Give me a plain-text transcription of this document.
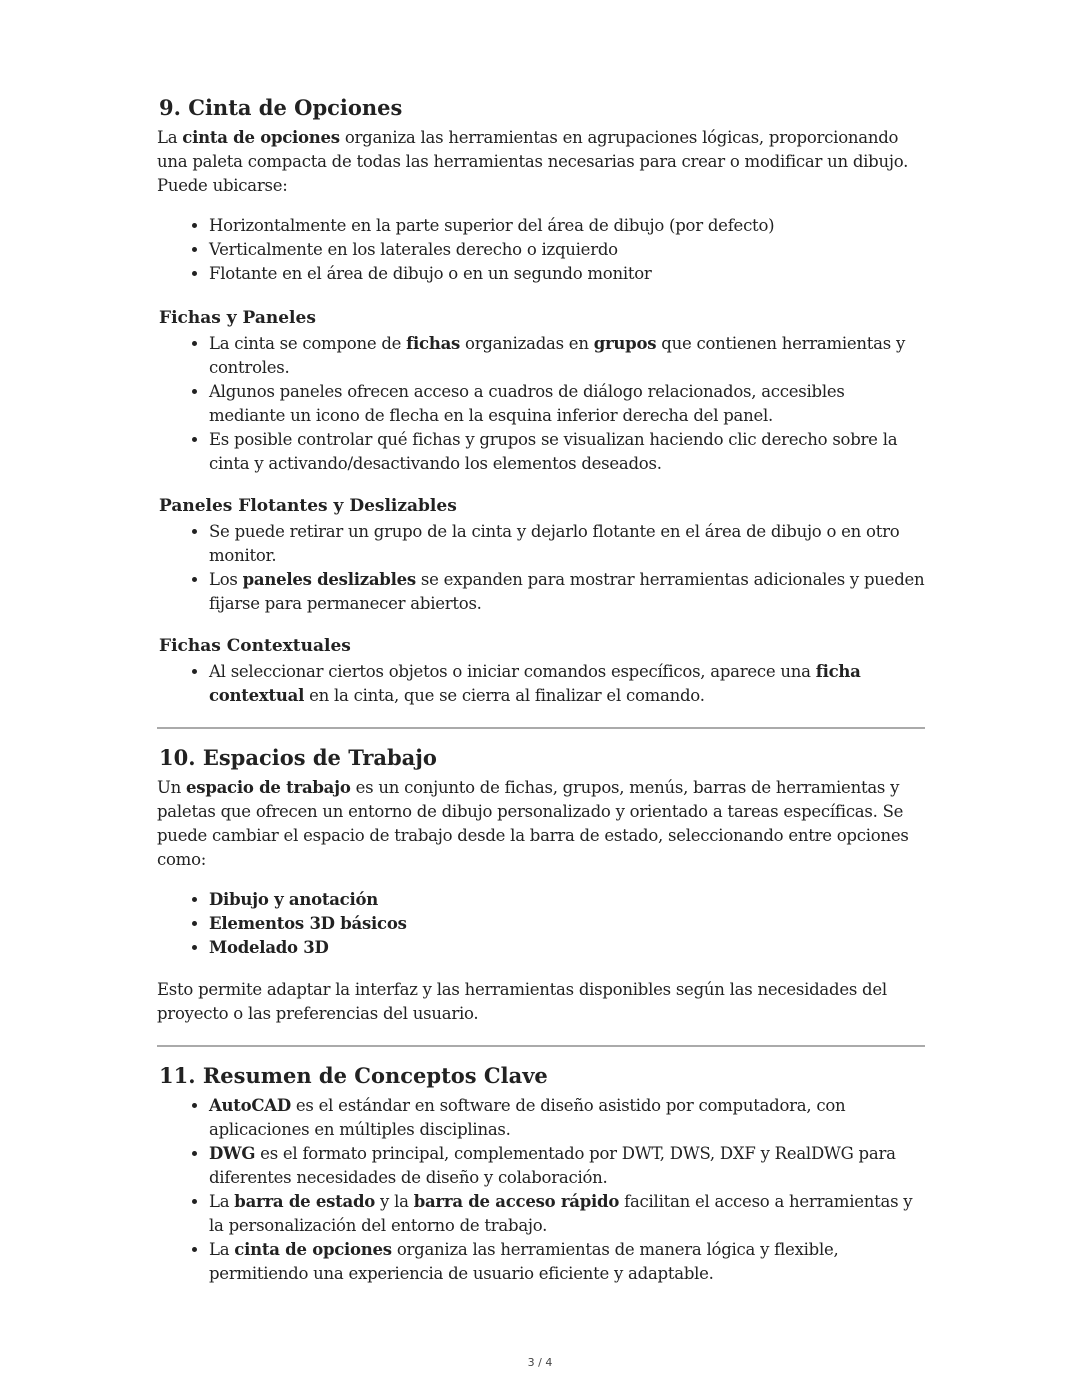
9. Cinta de Opciones

La cinta de opciones organiza las herramientas en agrupaciones lógicas, proporcionando una paleta compacta de todas las herramientas necesarias para crear o modificar un dibujo. Puede ubicarse:

• Horizontalmente en la parte superior del área de dibujo (por defecto)
• Verticalmente en los laterales derecho o izquierdo
• Flotante en el área de dibujo o en un segundo monitor
Fichas y Paneles
• La cinta se compone de fichas organizadas en grupos que contienen herramientas y controles.
• Algunos paneles ofrecen acceso a cuadros de diálogo relacionados, accesibles mediante un icono de flecha en la esquina inferior derecha del panel.
• Es posible controlar qué fichas y grupos se visualizan haciendo clic derecho sobre la cinta y activando/desactivando los elementos deseados.
Paneles Flotantes y Deslizables
• Se puede retirar un grupo de la cinta y dejarlo flotante en el área de dibujo o en otro monitor.
• Los paneles deslizables se expanden para mostrar herramientas adicionales y pueden fijarse para permanecer abiertos.
Fichas Contextuales
• Al seleccionar ciertos objetos o iniciar comandos específicos, aparece una ficha contextual en la cinta, que se cierra al finalizar el comando.
10. Espacios de Trabajo

Un espacio de trabajo es un conjunto de fichas, grupos, menús, barras de herramientas y paletas que ofrecen un entorno de dibujo personalizado y orientado a tareas específicas. Se puede cambiar el espacio de trabajo desde la barra de estado, seleccionando entre opciones como:

• Dibujo y anotación
• Elementos 3D básicos
• Modelado 3D

Esto permite adaptar la interfaz y las herramientas disponibles según las necesidades del proyecto o las preferencias del usuario.

11. Resumen de Conceptos Clave
• AutoCAD es el estándar en software de diseño asistido por computadora, con aplicaciones en múltiples disciplinas.
• DWG es el formato principal, complementado por DWT, DWS, DXF y RealDWG para diferentes necesidades de diseño y colaboración.
• La barra de estado y la barra de acceso rápido facilitan el acceso a herramientas y la personalización del entorno de trabajo.
• La cinta de opciones organiza las herramientas de manera lógica y flexible, permitiendo una experiencia de usuario eficiente y adaptable.
3 / 4
